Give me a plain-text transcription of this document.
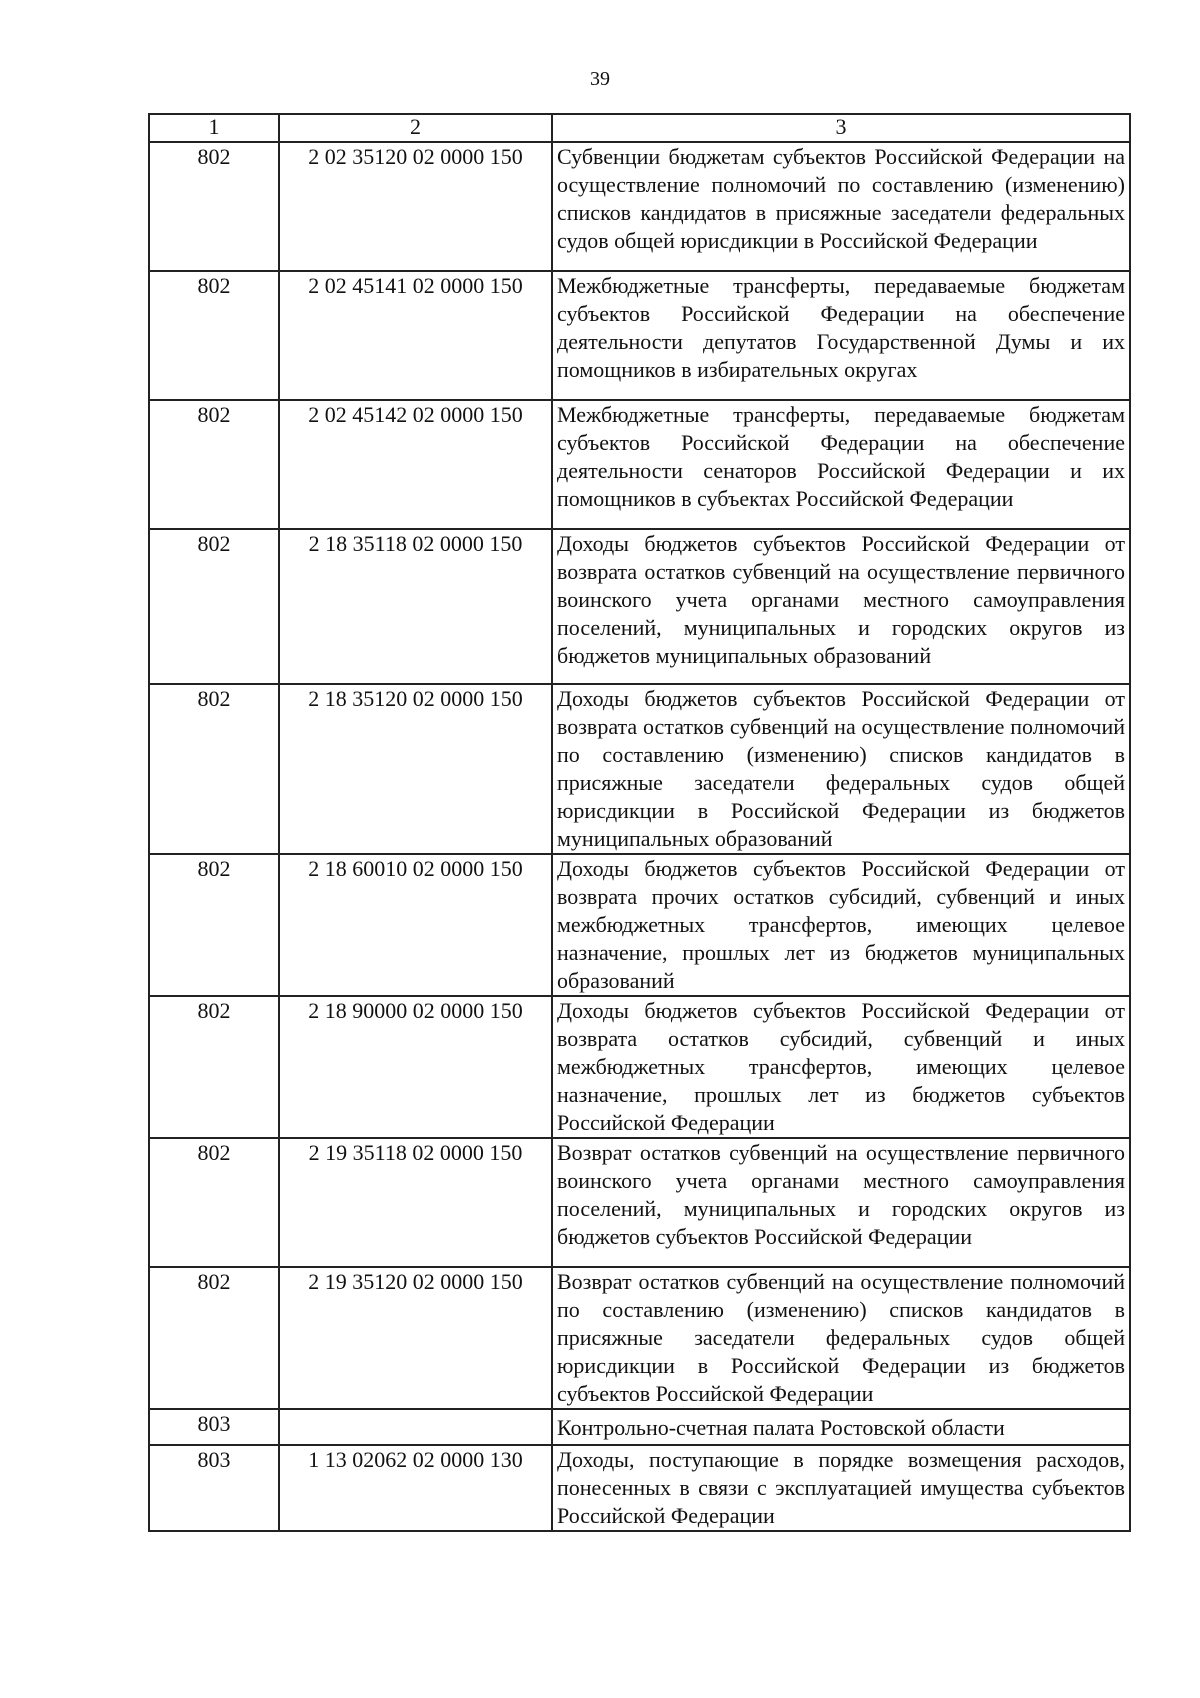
39
1	2	3
802	2 02 35120 02 0000 150	Субвенции бюджетам субъектов Российской Федерации на осуществление полномочий по составлению (изменению) списков кандидатов в присяжные заседатели федеральных судов общей юрисдикции в Российской Федерации
802	2 02 45141 02 0000 150	Межбюджетные трансферты, передаваемые бюджетам субъектов Российской Федерации на обеспечение деятельности депутатов Государственной Думы и их помощников в избирательных округах
802	2 02 45142 02 0000 150	Межбюджетные трансферты, передаваемые бюджетам субъектов Российской Федерации на обеспечение деятельности сенаторов Российской Федерации и их помощников в субъектах Российской Федерации
802	2 18 35118 02 0000 150	Доходы бюджетов субъектов Российской Федерации от возврата остатков субвенций на осуществление первичного воинского учета органами местного самоуправления поселений, муниципальных и городских округов из бюджетов муниципальных образований
802	2 18 35120 02 0000 150	Доходы бюджетов субъектов Российской Федерации от возврата остатков субвенций на осуществление полномочий по составлению (изменению) списков кандидатов в присяжные заседатели федеральных судов общей юрисдикции в Российской Федерации из бюджетов муниципальных образований
802	2 18 60010 02 0000 150	Доходы бюджетов субъектов Российской Федерации от возврата прочих остатков субсидий, субвенций и иных межбюджетных трансфертов, имеющих целевое назначение, прошлых лет из бюджетов муниципальных образований
802	2 18 90000 02 0000 150	Доходы бюджетов субъектов Российской Федерации от возврата остатков субсидий, субвенций и иных межбюджетных трансфертов, имеющих целевое назначение, прошлых лет из бюджетов субъектов Российской Федерации
802	2 19 35118 02 0000 150	Возврат остатков субвенций на осуществление первичного воинского учета органами местного самоуправления поселений, муниципальных и городских округов из бюджетов субъектов Российской Федерации
802	2 19 35120 02 0000 150	Возврат остатков субвенций на осуществление полномочий по составлению (изменению) списков кандидатов в присяжные заседатели федеральных судов общей юрисдикции в Российской Федерации из бюджетов субъектов Российской Федерации
803		Контрольно-счетная палата Ростовской области
803	1 13 02062 02 0000 130	Доходы, поступающие в порядке возмещения расходов, понесенных в связи с эксплуатацией имущества субъектов Российской Федерации
